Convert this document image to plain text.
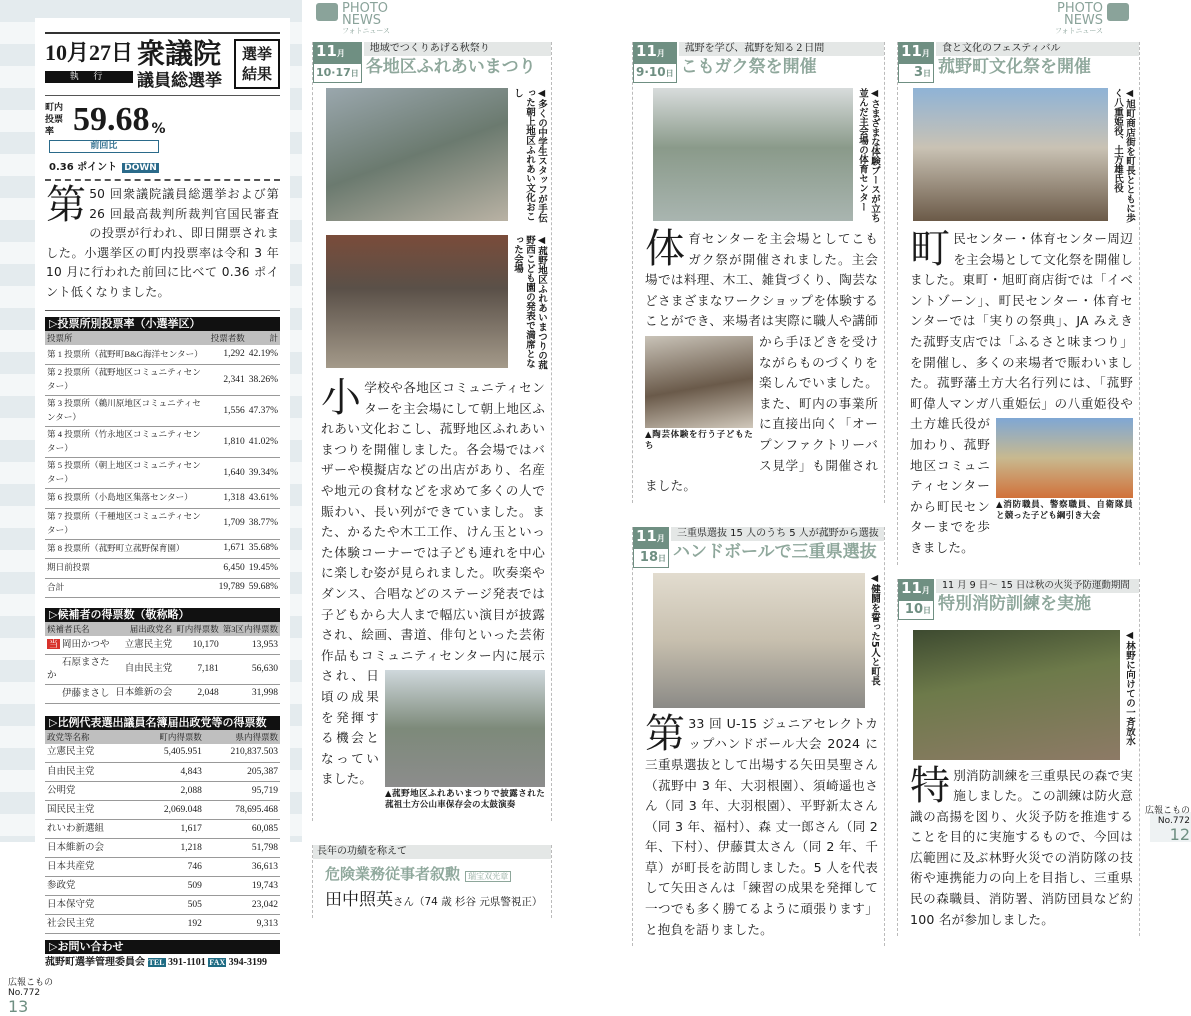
10月27日
執 行
衆議院
議員総選挙
選挙結果
町内投票率 59.68 %
前回比
0.36 ポイント DOWN
第 50 回衆議院議員総選挙および第 26 回最高裁判所裁判官国民審査の投票が行われ、即日開票されました。小選挙区の町内投票率は令和 3 年 10 月に行われた前回に比べて 0.36 ポイント低くなりました。
▷投票所別投票率（小選挙区）
投票所	投票者数	計
第 1 投票所（菰野町B&G海洋センター）	1,292	42.19%
第 2 投票所（菰野地区コミュニティセンター）	2,341	38.26%
第 3 投票所（鵜川原地区コミュニティセンター）	1,556	47.37%
第 4 投票所（竹永地区コミュニティセンター）	1,810	41.02%
第 5 投票所（朝上地区コミュニティセンター）	1,640	39.34%
第 6 投票所（小島地区集落センター）	1,318	43.61%
第 7 投票所（千種地区コミュニティセンター）	1,709	38.77%
第 8 投票所（菰野町立菰野保育園）	1,671	35.68%
期日前投票	6,450	19.45%
合計	19,789	59.68%
▷候補者の得票数（敬称略）
候補者氏名	届出政党名	町内得票数	第3区内得票数
当 岡田かつや	立憲民主党	10,170	13,953
石原まさたか	自由民主党	7,181	56,630
伊藤まさし	日本維新の会	2,048	31,998
▷比例代表選出議員名簿届出政党等の得票数
政党等名称	町内得票数	県内得票数
立憲民主党	5,405.951	210,837.503
自由民主党	4,843	205,387
公明党	2,088	95,719
国民民主党	2,069.048	78,695.468
れいわ新選組	1,617	60,085
日本維新の会	1,218	51,798
日本共産党	746	36,613
参政党	509	19,743
日本保守党	505	23,042
社会民主党	192	9,313
▷お問い合わせ
菰野町選挙管理委員会 TEL 391-1101 FAX 394-3199
広報こもの
No.772
13
PHOTO
NEWS
フォトニュース
PHOTO
NEWS
フォトニュース
11月
10·17日
地域でつくりあげる秋祭り
各地区ふれあいまつり
◀多くの中学生スタッフが手伝った朝上地区ふれあい文化おこし
◀菰野地区ふれあいまつりの菰野西こども園の発表で満席となった会場
小学校や各地区コミュニティセンターを主会場にして朝上地区ふれあい文化おこし、菰野地区ふれあいまつりを開催しました。各会場ではバザーや模擬店などの出店があり、名産や地元の食材などを求めて多くの人で賑わい、長い列ができていました。また、かるたや木工工作、けん玉といった体験コーナーでは子ども連れを中心に楽しむ姿が見られました。吹奏楽やダンス、合唱などのステージ発表では子どもから大人まで幅広い演目が披露され、絵画、書道、俳句といった芸術作品もコミュ
▲菰野地区ふれあいまつりで披露された菰祖土方公山車保存会の太鼓演奏
ニティセンター内に展示され、日頃の成果を発揮する機会となっていました。
長年の功績を称えて
危険業務従事者叙勲 瑞宝双光章
田中照英さん（74 歳 杉谷 元県警視正）
11月
9·10日
菰野を学び、菰野を知る２日間
こもガク祭を開催
◀さまざまな体験ブースが立ち並んだ主会場の体育センター
体育センターを主会場としてこもガク祭が開催されました。主会場では料理、木工、雑貨づくり、陶芸などさまざまなワークショップを体験することができ、来場者は実際に職人や講師から手ほどきを
▲陶芸体験を行う子どもたち
受けながらものづくりを楽しんでいました。また、町内の事業所に直接出向く「オープンファクトリーバス見学」も開催されました。
11月
18日
三重県選抜 15 人のうち 5 人が菰野から選抜
ハンドボールで三重県選抜
◀健闘を誓った5人と町長
第 33 回 U-15 ジュニアセレクトカップハンドボール大会 2024 に三重県選抜として出場する矢田昊聖さん（菰野中 3 年、大羽根園）、須崎遥也さん（同 3 年、大羽根園）、平野新太さん（同 3 年、福村）、森 丈一郎さん（同 2 年、下村）、伊藤貫太さん（同 2 年、千草）が町長を訪問しました。5 人を代表して矢田さんは「練習の成果を発揮して一つでも多く勝てるように頑張ります」と抱負を語りました。
11月
3日
食と文化のフェスティバル
菰野町文化祭を開催
◀旭町商店街を町長とともに歩く八重姫役、土方雄氏役
町民センター・体育センター周辺を主会場として文化祭を開催しました。東町・旭町商店街では「イベントゾーン」、町民センター・体育センターでは「実りの祭典」、JA みえきた菰野支店では「ふるさと味まつり」を開催し、多くの来場者で賑わいました。菰野藩土方大名行列には、「菰野町偉人マンガ八重姫伝」の八重姫役や
▲消防職員、警察職員、自衛隊員と競った子ども綱引き大会
土方雄氏役が加わり、菰野地区コミュニティセンターから町民センターまでを歩きました。
11月
10日
11 月 9 日～ 15 日は秋の火災予防運動期間
特別消防訓練を実施
◀林野に向けての一斉放水
特別消防訓練を三重県民の森で実施しました。この訓練は防火意識の高揚を図り、火災予防を推進することを目的に実施するもので、今回は広範囲に及ぶ林野火災での消防隊の技術や連携能力の向上を目指し、三重県民の森職員、消防署、消防団員など約 100 名が参加しました。
広報こもの
No.772
12
